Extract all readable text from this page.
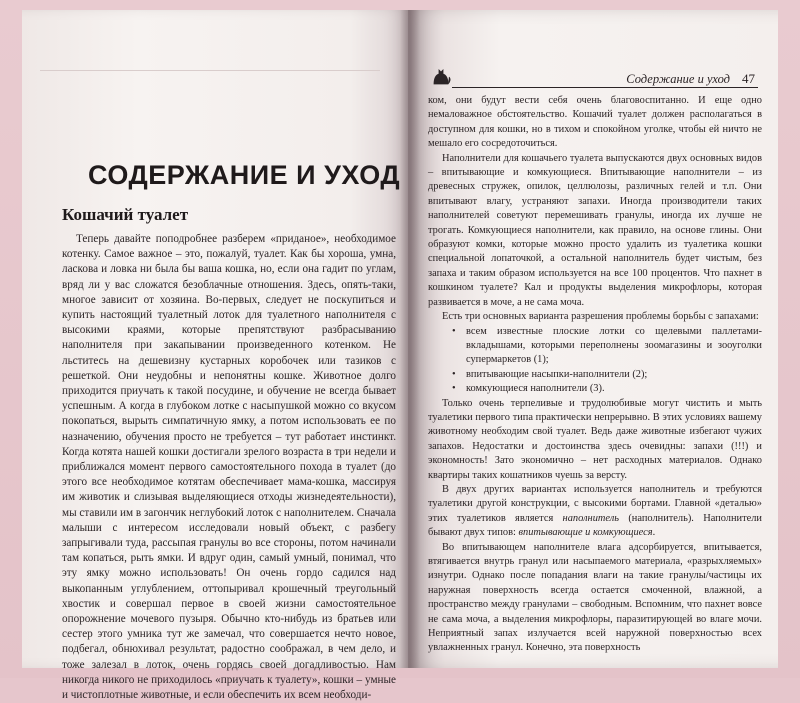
СОДЕРЖАНИЕ И УХОД
Кошачий туалет

Теперь давайте поподробнее разберем «приданое», необходимое котенку. Самое важное – это, пожалуй, туалет. Как бы хороша, умна, ласкова и ловка ни была бы ваша кошка, но, если она гадит по углам, вряд ли у вас сложатся безоблачные отношения. Здесь, опять-таки, многое зависит от хозяина. Во-первых, следует не поскупиться и купить настоящий туалетный лоток для туалетного наполнителя с высокими краями, которые препятствуют разбрасыванию наполнителя при закапывании произведенного котенком. Не льститесь на дешевизну кустарных коробочек или тазиков с решеткой. Они неудобны и непонятны кошке. Животное долго приходится приучать к такой посудине, и обучение не всегда бывает успешным. А когда в глубоком лотке с насыпушкой можно со вкусом покопаться, вырыть симпатичную ямку, а потом использовать ее по назначению, обучения просто не требуется – тут работает инстинкт. Когда котята нашей кошки достигали зрелого возраста в три недели и приближался момент первого самостоятельного похода в туалет (до этого все необходимое котятам обеспечивает мама-кошка, массируя им животик и слизывая выделяющиеся отходы жизнедеятельности), мы ставили им в загончик неглубокий лоток с наполнителем. Сначала малыши с интересом исследовали новый объект, с разбегу запрыгивали туда, рассыпая гранулы во все стороны, потом начинали там копаться, рыть ямки. И вдруг один, самый умный, понимал, что эту ямку можно использовать! Он очень гордо садился над выкопанным углублением, оттопыривал крошечный треугольный хвостик и совершал первое в своей жизни самостоятельное опорожнение мочевого пузыря. Обычно кто-нибудь из братьев или сестер этого умника тут же замечал, что совершается нечто новое, подбегал, обнюхивал результат, радостно соображал, в чем дело, и тоже залезал в лоток, очень гордясь своей догадливостью. Нам никогда никого не приходилось «приучать к туалету», кошки – умные и чистоплотные животные, и если обеспечить их всем необходи-

Содержание и уход 47

ком, они будут вести себя очень благовоспитанно. И еще одно немаловажное обстоятельство. Кошачий туалет должен располагаться в доступном для кошки, но в тихом и спокойном уголке, чтобы ей ничто не мешало его сосредоточиться.

Наполнители для кошачьего туалета выпускаются двух основных видов – впитывающие и комкующиеся. Впитывающие наполнители – из древесных стружек, опилок, целлюлозы, различных гелей и т.п. Они впитывают влагу, устраняют запахи. Иногда производители таких наполнителей советуют перемешивать гранулы, иногда их лучше не трогать. Комкующиеся наполнители, как правило, на основе глины. Они образуют комки, которые можно просто удалить из туалетика кошки специальной лопаточкой, а остальной наполнитель будет чистым, без запаха и таким образом используется на все 100 процентов. Что пахнет в кошкином туалете? Кал и продукты выделения микрофлоры, которая развивается в моче, а не сама моча.

Есть три основных варианта разрешения проблемы борьбы с запахами:

• всем известные плоские лотки со щелевыми паллетами-вкладышами, которыми переполнены зоомагазины и зооуголки супермаркетов (1);
• впитывающие насыпки-наполнители (2);
• комкующиеся наполнители (3).

Только очень терпеливые и трудолюбивые могут чистить и мыть туалетики первого типа практически непрерывно. В этих условиях вашему животному необходим свой туалет. Ведь даже животные избегают чужих запахов. Недостатки и достоинства здесь очевидны: запахи (!!!) и экономность! Зато экономично – нет расходных материалов. Однако квартиры таких кошатников чуешь за версту.

В двух других вариантах используется наполнитель и требуются туалетики другой конструкции, с высокими бортами. Главной «деталью» этих туалетиков является наполнитель (наполнитель). Наполнители бывают двух типов: впитывающие и комкующиеся.

Во впитывающем наполнителе влага адсорбируется, впитывается, втягивается внутрь гранул или насыпаемого материала, «разрыхляемых» изнутри. Однако после попадания влаги на такие гранулы/частицы их наружная поверхность всегда остается смоченной, влажной, а пространство между гранулами – свободным. Вспомним, что пахнет вовсе не сама моча, а выделения микрофлоры, паразитирующей во влаге мочи. Неприятный запах излучается всей наружной поверхностью всех увлажненных гранул. Конечно, эта поверхность
